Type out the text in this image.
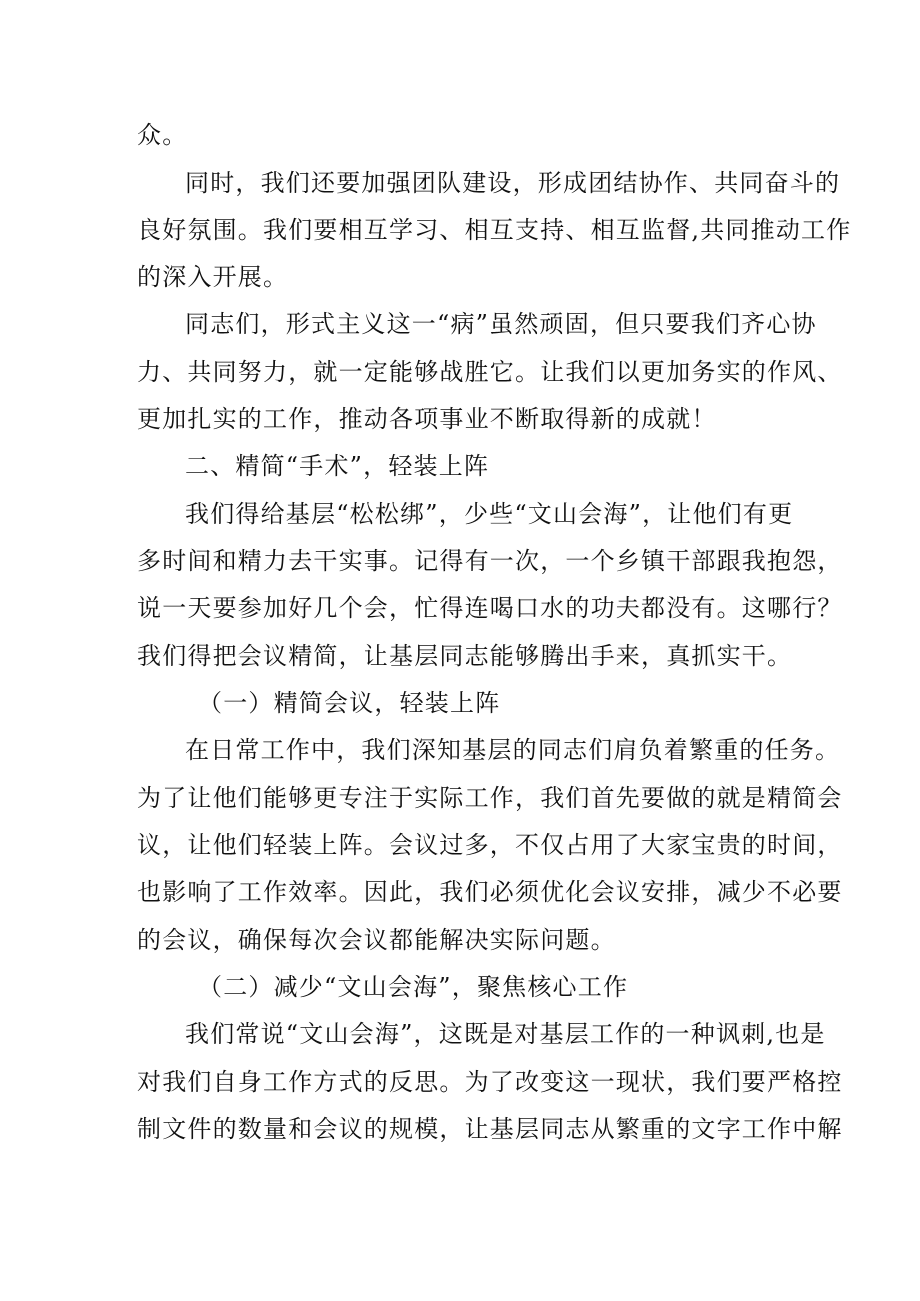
众。

同时，我们还要加强团队建设，形成团结协作、共同奋斗的

良好氛围。我们要相互学习、相互支持、相互监督,共同推动工作

的深入开展。

同志们，形式主义这一“病”虽然顽固，但只要我们齐心协

力、共同努力，就一定能够战胜它。让我们以更加务实的作风、

更加扎实的工作，推动各项事业不断取得新的成就！

二、精简“手术”，轻装上阵

我们得给基层“松松绑”，少些“文山会海”，让他们有更

多时间和精力去干实事。记得有一次，一个乡镇干部跟我抱怨，

说一天要参加好几个会，忙得连喝口水的功夫都没有。这哪行？

我们得把会议精简，让基层同志能够腾出手来，真抓实干。

（一）精简会议，轻装上阵

在日常工作中，我们深知基层的同志们肩负着繁重的任务。

为了让他们能够更专注于实际工作，我们首先要做的就是精简会

议，让他们轻装上阵。会议过多，不仅占用了大家宝贵的时间，

也影响了工作效率。因此，我们必须优化会议安排，减少不必要

的会议，确保每次会议都能解决实际问题。

（二）减少“文山会海”，聚焦核心工作

我们常说“文山会海”，这既是对基层工作的一种讽刺,也是

对我们自身工作方式的反思。为了改变这一现状，我们要严格控

制文件的数量和会议的规模，让基层同志从繁重的文字工作中解
